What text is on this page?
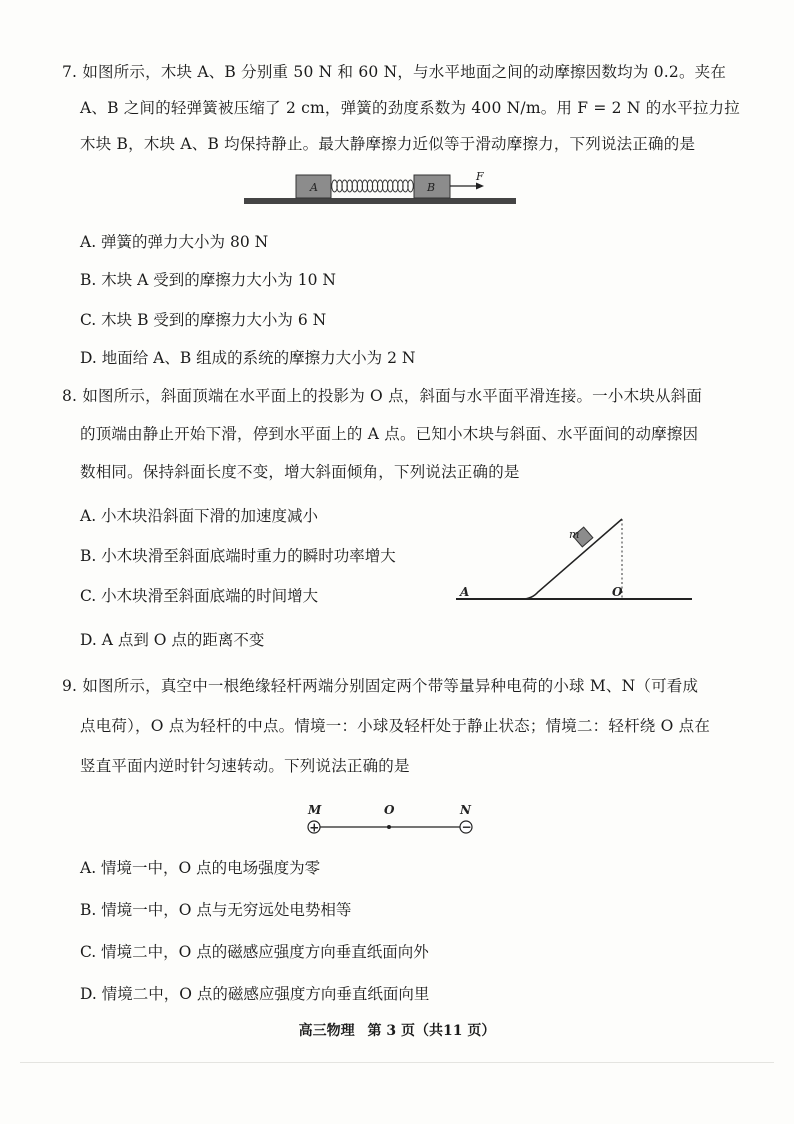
7. 如图所示，木块 A、B 分别重 50 N 和 60 N，与水平地面之间的动摩擦因数均为 0.2。夹在
A、B 之间的轻弹簧被压缩了 2 cm，弹簧的劲度系数为 400 N/m。用 F = 2 N 的水平拉力拉
木块 B，木块 A、B 均保持静止。最大静摩擦力近似等于滑动摩擦力，下列说法正确的是
A	B
F
A. 弹簧的弹力大小为 80 N
B. 木块 A 受到的摩擦力大小为 10 N
C. 木块 B 受到的摩擦力大小为 6 N
D. 地面给 A、B 组成的系统的摩擦力大小为 2 N
8. 如图所示，斜面顶端在水平面上的投影为 O 点，斜面与水平面平滑连接。一小木块从斜面
的顶端由静止开始下滑，停到水平面上的 A 点。已知小木块与斜面、水平面间的动摩擦因
数相同。保持斜面长度不变，增大斜面倾角，下列说法正确的是
A. 小木块沿斜面下滑的加速度减小
B. 小木块滑至斜面底端时重力的瞬时功率增大
C. 小木块滑至斜面底端的时间增大
D. A 点到 O 点的距离不变
m
A	O
9. 如图所示，真空中一根绝缘轻杆两端分别固定两个带等量异种电荷的小球 M、N（可看成
点电荷），O 点为轻杆的中点。情境一：小球及轻杆处于静止状态；情境二：轻杆绕 O 点在
竖直平面内逆时针匀速转动。下列说法正确的是
M	O	N
+	−
A. 情境一中，O 点的电场强度为零
B. 情境一中，O 点与无穷远处电势相等
C. 情境二中，O 点的磁感应强度方向垂直纸面向外
D. 情境二中，O 点的磁感应强度方向垂直纸面向里
高三物理 第 3 页（共11 页）
